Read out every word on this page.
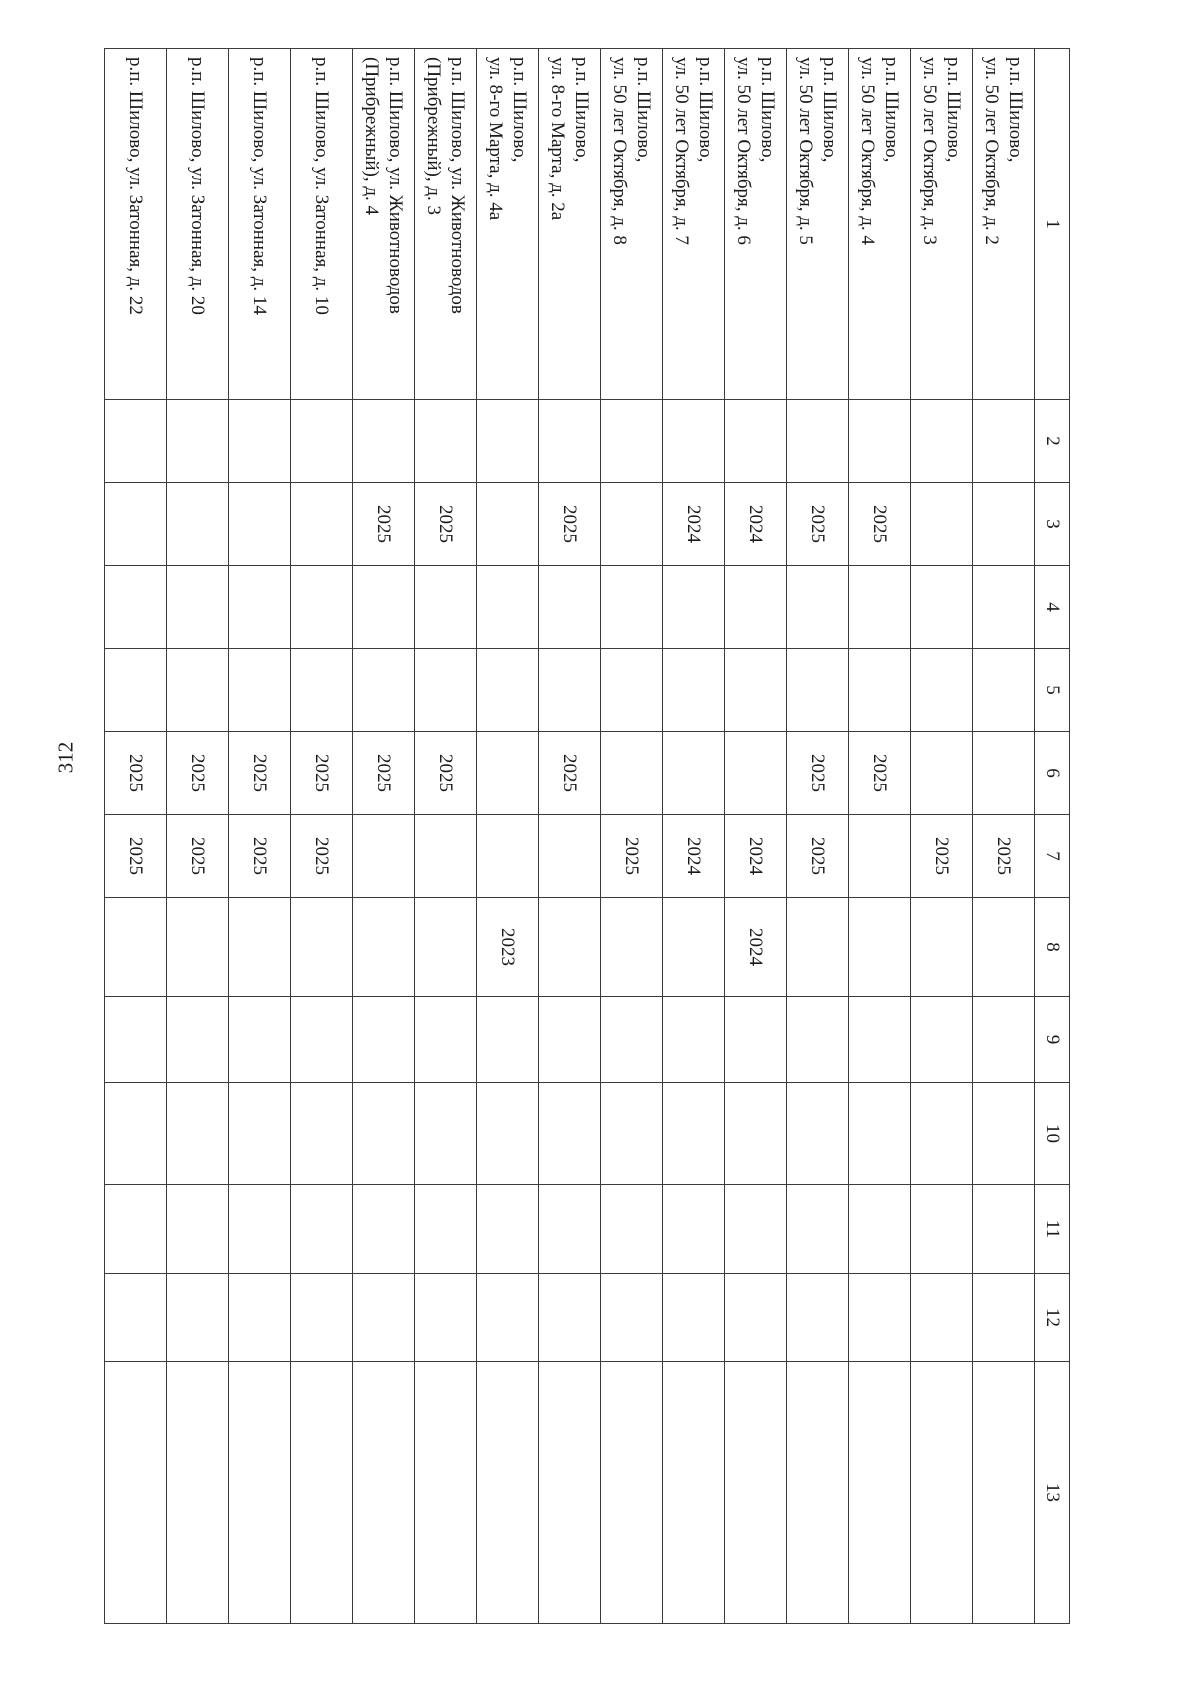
312
1	2	3	4	5	6	7	8	9	10	11	12	13
р.п. Шилово,
ул. 50 лет Октября, д. 2						2025						
р.п. Шилово,
ул. 50 лет Октября, д. 3						2025						
р.п. Шилово,
ул. 50 лет Октября, д. 4		2025			2025							
р.п. Шилово,
ул. 50 лет Октября, д. 5		2025			2025	2025						
р.п. Шилово,
ул. 50 лет Октября, д. 6		2024				2024	2024					
р.п. Шилово,
ул. 50 лет Октября, д. 7		2024				2024						
р.п. Шилово,
ул. 50 лет Октября, д. 8						2025						
р.п. Шилово,
ул. 8-го Марта, д. 2а		2025			2025							
р.п. Шилово,
ул. 8-го Марта, д. 4а							2023					
р.п. Шилово, ул. Животноводов
(Прибрежный), д. 3		2025			2025							
р.п. Шилово, ул. Животноводов
(Прибрежный), д. 4		2025			2025							
р.п. Шилово, ул. Затонная, д. 10					2025	2025						
р.п. Шилово, ул. Затонная, д. 14					2025	2025						
р.п. Шилово, ул. Затонная, д. 20					2025	2025						
р.п. Шилово, ул. Затонная, д. 22					2025	2025						
